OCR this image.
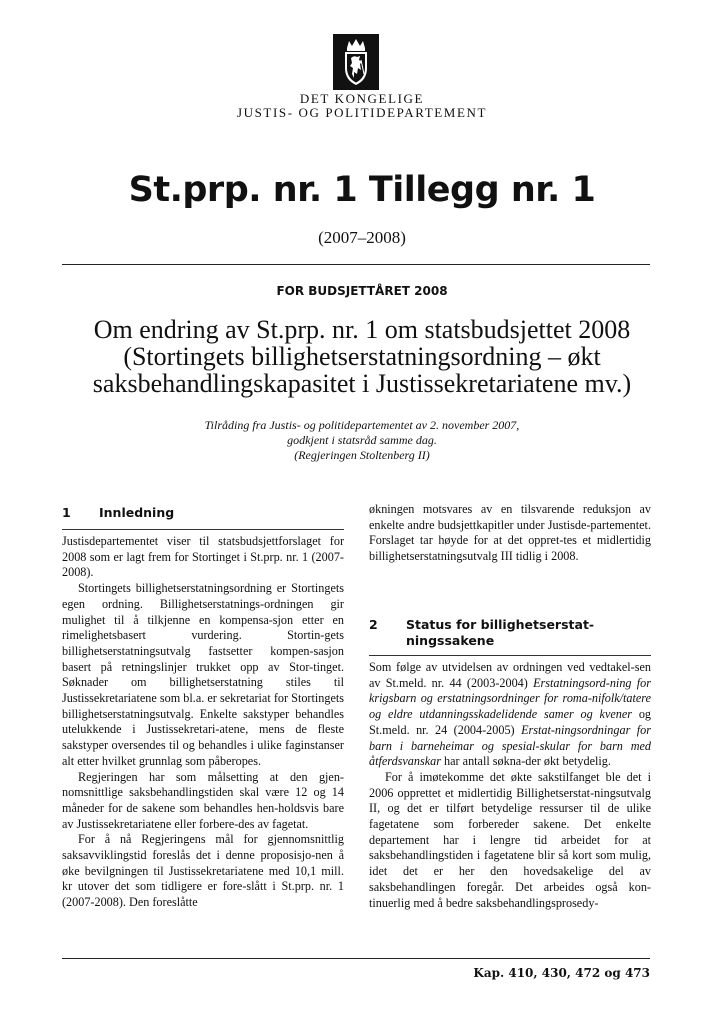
DET KONGELIGE
JUSTIS- OG POLITIDEPARTEMENT
St.prp. nr. 1 Tillegg nr. 1
(2007–2008)
FOR BUDSJETTÅRET 2008
Om endring av St.prp. nr. 1 om statsbudsjettet 2008
(Stortingets billighetserstatningsordning – økt
saksbehandlingskapasitet i Justissekretariatene mv.)
Tilråding fra Justis- og politidepartementet av 2. november 2007,
godkjent i statsråd samme dag.
(Regjeringen Stoltenberg II)
1 Innledning

Justisdepartementet viser til statsbudsjettforslaget for 2008 som er lagt frem for Stortinget i St.prp. nr. 1 (2007-2008).

Stortingets billighetserstatningsordning er Stortingets egen ordning. Billighetserstatnings-ordningen gir mulighet til å tilkjenne en kompensa-sjon etter en rimelighetsbasert vurdering. Stortin-gets billighetserstatningsutvalg fastsetter kompen-sasjon basert på retningslinjer trukket opp av Stor-tinget. Søknader om billighetserstatning stiles til Justissekretariatene som bl.a. er sekretariat for Stortingets billighetserstatningsutvalg. Enkelte sakstyper behandles utelukkende i Justissekretari-atene, mens de fleste sakstyper oversendes til og behandles i ulike faginstanser alt etter hvilket grunnlag som påberopes.

Regjeringen har som målsetting at den gjen-nomsnittlige saksbehandlingstiden skal være 12 og 14 måneder for de sakene som behandles hen-holdsvis bare av Justissekretariatene eller forbere-des av fagetat.

For å nå Regjeringens mål for gjennomsnittlig saksavviklingstid foreslås det i denne proposisjo-nen å øke bevilgningen til Justissekretariatene med 10,1 mill. kr utover det som tidligere er fore-slått i St.prp. nr. 1 (2007-2008). Den foreslåtte

økningen motsvares av en tilsvarende reduksjon av enkelte andre budsjettkapitler under Justisde-partementet. Forslaget tar høyde for at det oppret-tes et midlertidig billighetserstatningsutvalg III tidlig i 2008.

2 Status for billighetserstat-ningssakene

Som følge av utvidelsen av ordningen ved vedtakel-sen av St.meld. nr. 44 (2003-2004) Erstatningsord-ning for krigsbarn og erstatningsordninger for roma-nifolk/tatere og eldre utdanningsskadelidende samer og kvener og St.meld. nr. 24 (2004-2005) Erstat-ningsordningar for barn i barneheimar og spesial-skular for barn med åtferdsvanskar har antall søkna-der økt betydelig.

For å imøtekomme det økte sakstilfanget ble det i 2006 opprettet et midlertidig Billighetserstat-ningsutvalg II, og det er tilført betydelige ressurser til de ulike fagetatene som forbereder sakene. Det enkelte departement har i lengre tid arbeidet for at saksbehandlingstiden i fagetatene blir så kort som mulig, idet det er her den hovedsakelige del av saksbehandlingen foregår. Det arbeides også kon-tinuerlig med å bedre saksbehandlingsprosedy-

Kap. 410, 430, 472 og 473
